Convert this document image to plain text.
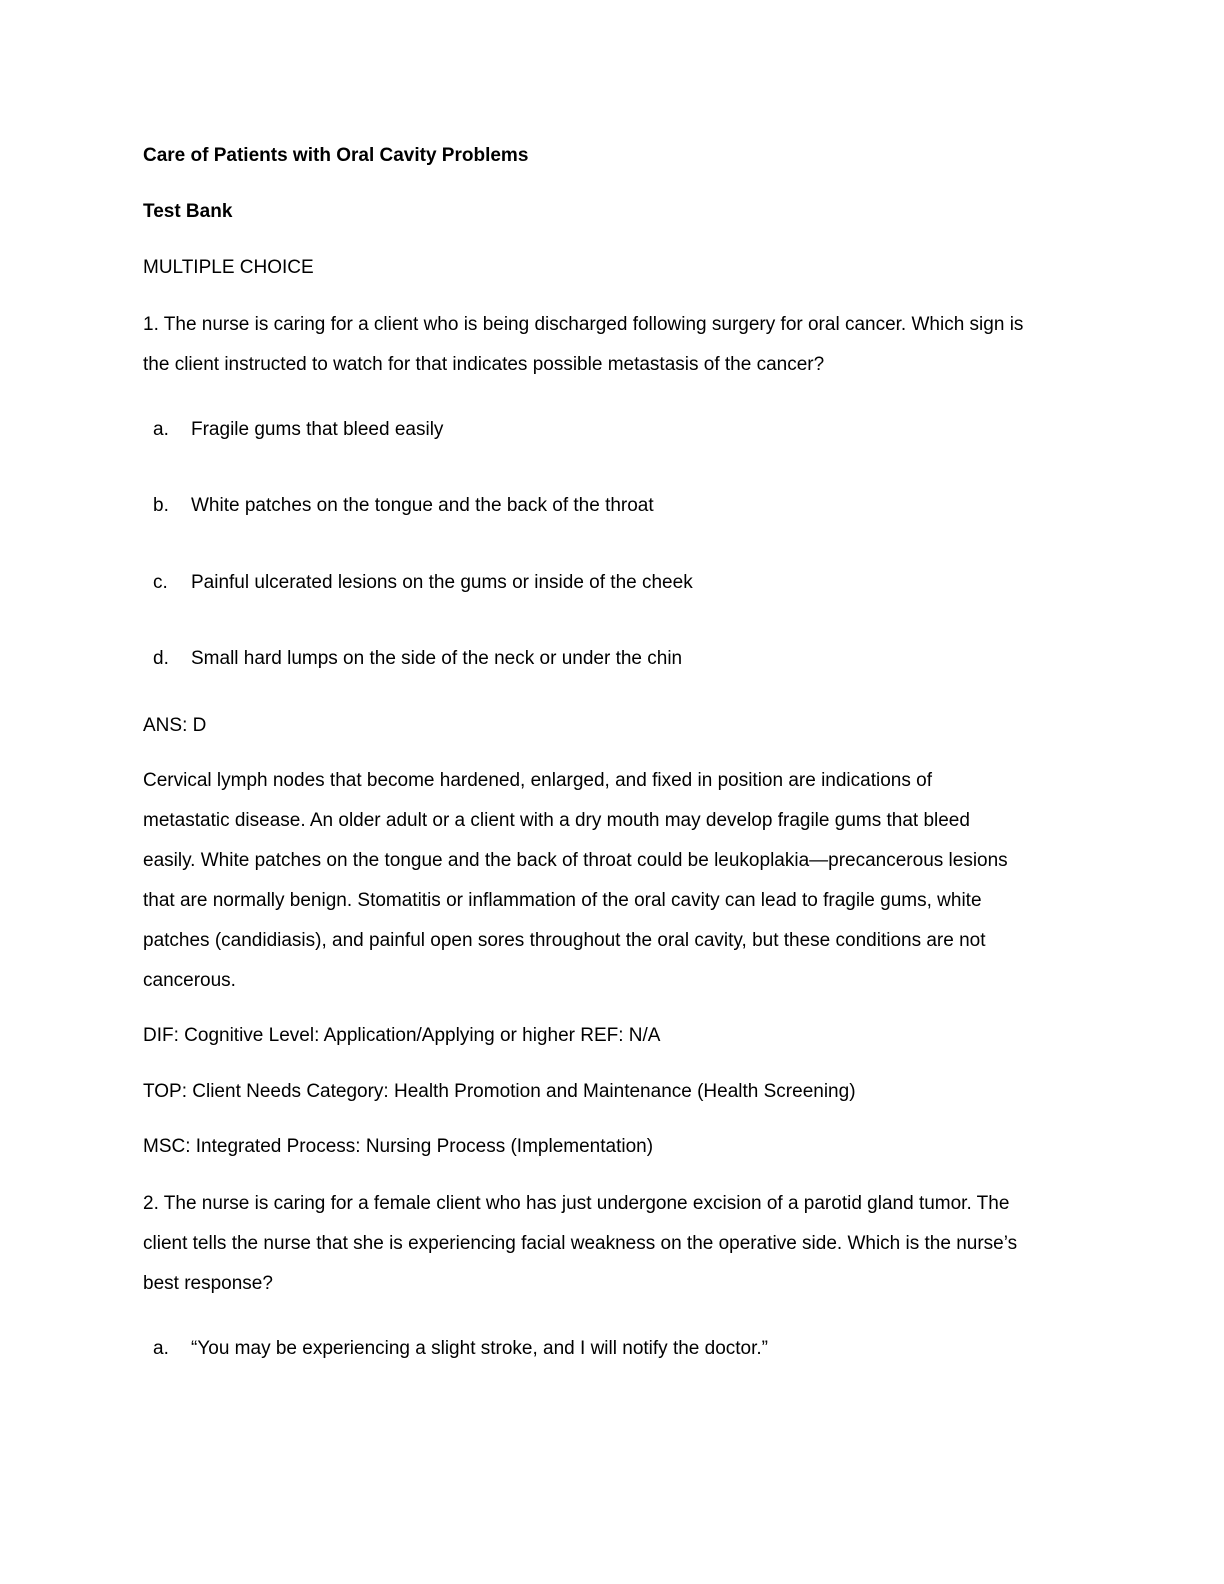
Care of Patients with Oral Cavity Problems
Test Bank
MULTIPLE CHOICE
1. The nurse is caring for a client who is being discharged following surgery for oral cancer. Which sign is
the client instructed to watch for that indicates possible metastasis of the cancer?
a. Fragile gums that bleed easily
b. White patches on the tongue and the back of the throat
c. Painful ulcerated lesions on the gums or inside of the cheek
d. Small hard lumps on the side of the neck or under the chin
ANS: D
Cervical lymph nodes that become hardened, enlarged, and fixed in position are indications of
metastatic disease. An older adult or a client with a dry mouth may develop fragile gums that bleed
easily. White patches on the tongue and the back of throat could be leukoplakia—precancerous lesions
that are normally benign. Stomatitis or inflammation of the oral cavity can lead to fragile gums, white
patches (candidiasis), and painful open sores throughout the oral cavity, but these conditions are not
cancerous.
DIF: Cognitive Level: Application/Applying or higher REF: N/A
TOP: Client Needs Category: Health Promotion and Maintenance (Health Screening)
MSC: Integrated Process: Nursing Process (Implementation)
2. The nurse is caring for a female client who has just undergone excision of a parotid gland tumor. The
client tells the nurse that she is experiencing facial weakness on the operative side. Which is the nurse’s
best response?
a. “You may be experiencing a slight stroke, and I will notify the doctor.”
